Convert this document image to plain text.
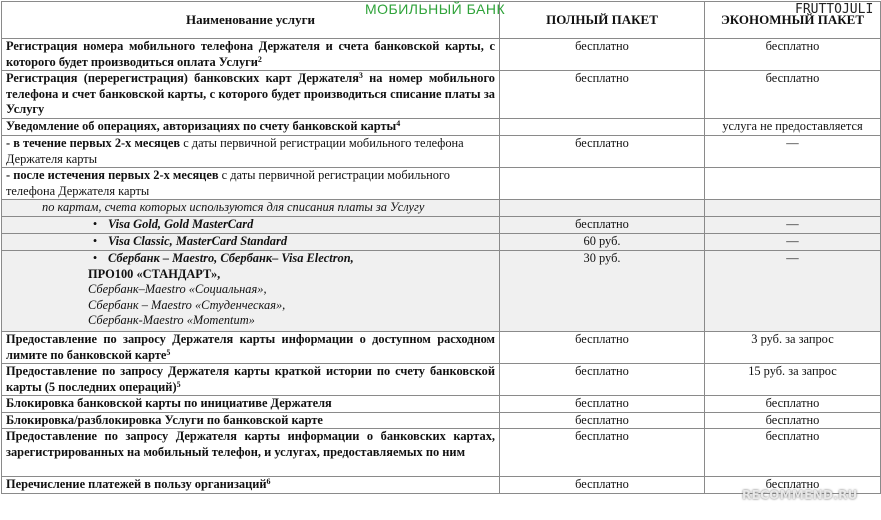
Наименование услуги	ПОЛНЫЙ ПАКЕТ	ЭКОНОМНЫЙ ПАКЕТ
Регистрация номера мобильного телефона Держателя и счета банковской карты, с которого будет производиться оплата Услуги$^2$	бесплатно	бесплатно
Регистрация (перерегистрация) банковских карт Держателя$^3$ на номер мобильного телефона и счет банковской карты, с которого будет производиться списание платы за Услугу	бесплатно	бесплатно
Уведомление об операциях, авторизациях по счету банковской карты$^4$		услуга не предоставляется
- в течение первых 2-х месяцев с даты первичной регистрации мобильного телефона Держателя карты	бесплатно	—
- после истечения первых 2-х месяцев с даты первичной регистрации мобильного телефона Держателя карты		
по картам, счета которых используются для списания платы за Услугу		
• Visa Gold, Gold MasterCard	бесплатно	—
• Visa Classic, MasterCard Standard	60 руб.	—

• Сбербанк – Maestro, Сбербанк– Visa Electron,
ПРО100 «СТАНДАРТ»,
Сбербанк–Maestro «Социальная»,
Сбербанк – Maestro «Студенческая»,
Сбербанк-Maestro «Momentum»	30 руб.	—
Предоставление по запросу Держателя карты информации о доступном расходном лимите по банковской карте$^5$	бесплатно	3 руб. за запрос
Предоставление по запросу Держателя карты краткой истории по счету банковской карты (5 последних операций)$^5$	бесплатно	15 руб. за запрос
Блокировка банковской карты по инициативе Держателя	бесплатно	бесплатно
Блокировка/разблокировка Услуги по банковской карте	бесплатно	бесплатно
Предоставление по запросу Держателя карты информации о банковских картах, зарегистрированных на мобильный телефон, и услугах, предоставляемых по ним	бесплатно	бесплатно
Перечисление платежей в пользу организаций$^6$	бесплатно	бесплатно
МОБИЛЬНЫЙ БАНК	FRUTTOJULI
RECOMMEND.RU
